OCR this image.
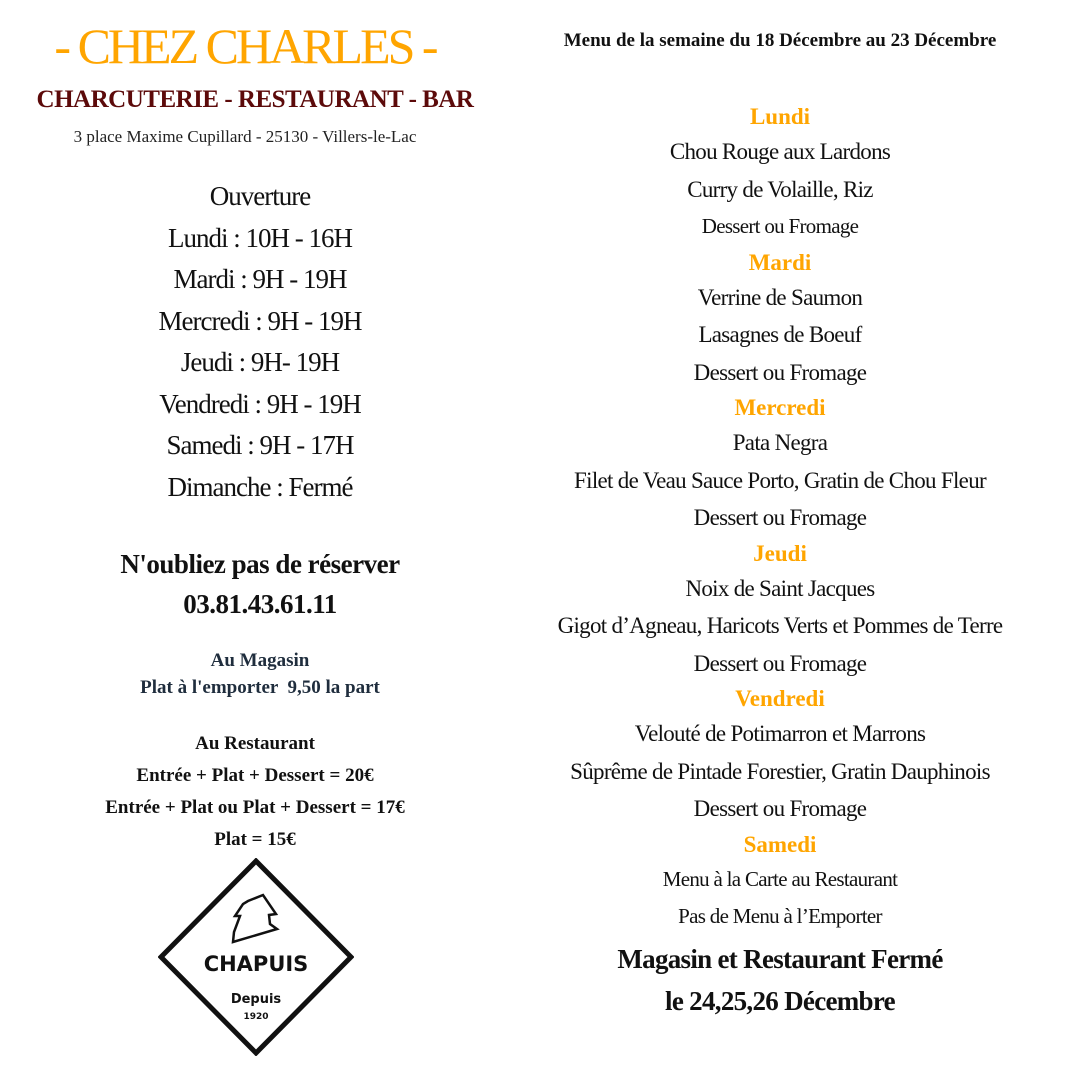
- CHEZ CHARLES -
CHARCUTERIE - RESTAURANT - BAR
3 place Maxime Cupillard - 25130 - Villers-le-Lac
Ouverture
Lundi : 10H - 16H
Mardi : 9H - 19H
Mercredi : 9H - 19H
Jeudi : 9H- 19H
Vendredi : 9H - 19H
Samedi : 9H - 17H
Dimanche : Fermé
N'oubliez pas de réserver
03.81.43.61.11
Au Magasin
Plat à l'emporter  9,50 la part
Au Restaurant
Entrée + Plat + Dessert = 20€
Entrée + Plat ou Plat + Dessert = 17€
Plat = 15€
CHAPUIS
Depuis
1920
Menu de la semaine du 18 Décembre au 23 Décembre
Lundi
Chou Rouge aux Lardons
Curry de Volaille, Riz
Dessert ou Fromage
Mardi
Verrine de Saumon
Lasagnes de Boeuf
Dessert ou Fromage
Mercredi
Pata Negra
Filet de Veau Sauce Porto, Gratin de Chou Fleur
Dessert ou Fromage
Jeudi
Noix de Saint Jacques
Gigot d’Agneau, Haricots Verts et Pommes de Terre
Dessert ou Fromage
Vendredi
Velouté de Potimarron et Marrons
Sûprême de Pintade Forestier, Gratin Dauphinois
Dessert ou Fromage
Samedi
Menu à la Carte au Restaurant
Pas de Menu à l’Emporter
Magasin et Restaurant Fermé
le 24,25,26 Décembre
